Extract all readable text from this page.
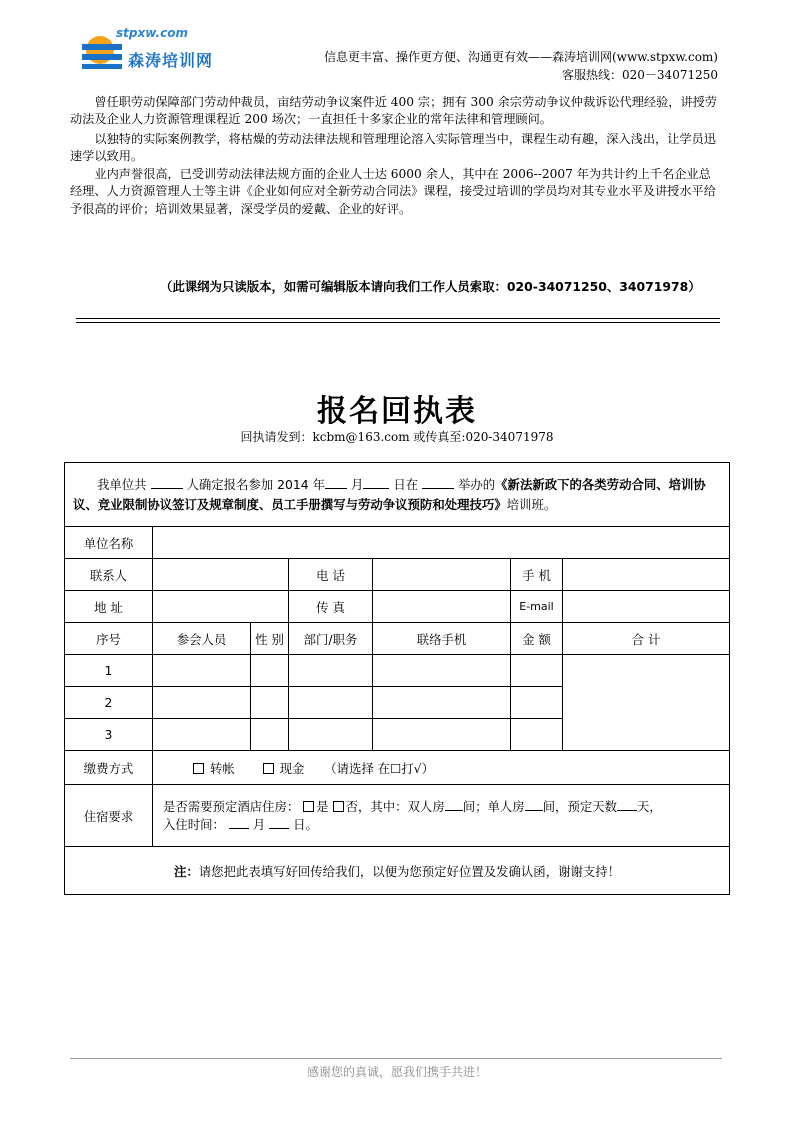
stpxw.com
森涛培训网	信息更丰富、操作更方便、沟通更有效——森涛培训网(www.stpxw.com)
客服热线：020－34071250

曾任职劳动保障部门劳动仲裁员，亩结劳动争议案件近 400 宗；拥有 300 余宗劳动争议仲裁诉讼代理经验，讲授劳动法及企业人力资源管理课程近 200 场次；一直担任十多家企业的常年法律和管理顾问。

以独特的实际案例教学，将枯燥的劳动法律法规和管理理论溶入实际管理当中，课程生动有趣，深入浅出，让学员迅速学以致用。

业内声誉很高，已受训劳动法律法规方面的企业人士达 6000 余人，其中在 2006--2007 年为共计约上千名企业总经理、人力资源管理人士等主讲《企业如何应对全新劳动合同法》课程，接受过培训的学员均对其专业水平及讲授水平给予很高的评价；培训效果显著，深受学员的爱戴、企业的好评。

（此课纲为只读版本，如需可编辑版本请向我们工作人员索取：020-34071250、34071978）
报名回执表
回执请发到：kcbm@163.com 或传真至:020-34071978
我单位共 人确定报名参加 2014 年 月 日在 举办的《新法新政下的各类劳动合同、培训协议、竞业限制协议签订及规章制度、员工手册撰写与劳动争议预防和处理技巧》培训班。						
单位名称						
联系人			电 话		手 机	
地 址			传 真		E-mail	
序号	参会人员	性 别	部门/职务	联络手机	金 额	合 计
1						
2						
3						
缴费方式	转帐 现金 （请选择 在☐打√）					
住宿要求	是否需要预定酒店住房： 是 否，其中：双人房 间；单人房 间，预定天数 天，
入住时间： 月 日。					
注：请您把此表填写好回传给我们，以便为您预定好位置及发确认函，谢谢支持！						
感谢您的真诚，愿我们携手共进！
